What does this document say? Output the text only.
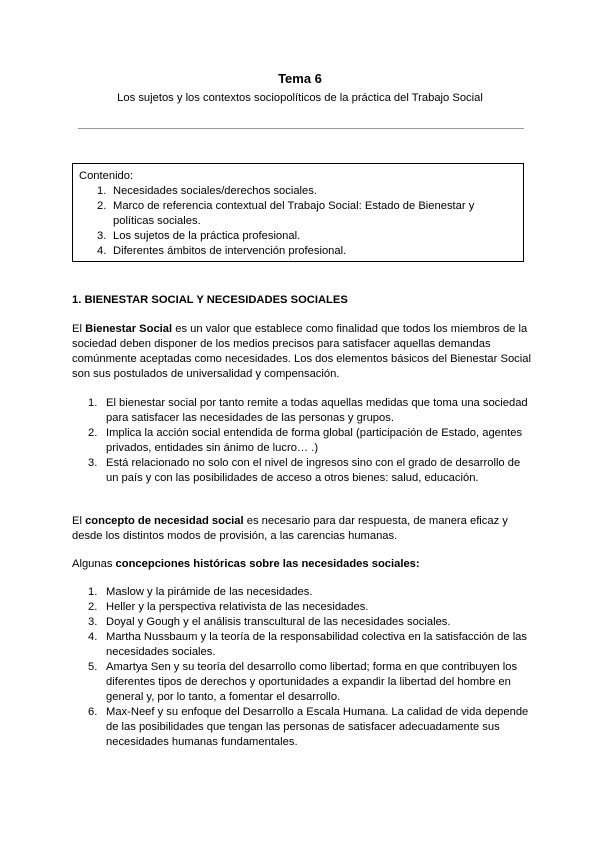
Tema 6
Los sujetos y los contextos sociopolíticos de la práctica del Trabajo Social
Contenido:
1. Necesidades sociales/derechos sociales.
2. Marco de referencia contextual del Trabajo Social: Estado de Bienestar y políticas sociales.
3. Los sujetos de la práctica profesional.
4. Diferentes ámbitos de intervención profesional.
1. BIENESTAR SOCIAL Y NECESIDADES SOCIALES
El Bienestar Social es un valor que establece como finalidad que todos los miembros de la sociedad deben disponer de los medios precisos para satisfacer aquellas demandas comúnmente aceptadas como necesidades. Los dos elementos básicos del Bienestar Social son sus postulados de universalidad y compensación.
1. El bienestar social por tanto remite a todas aquellas medidas que toma una sociedad para satisfacer las necesidades de las personas y grupos.
2. Implica la acción social entendida de forma global (participación de Estado, agentes privados, entidades sin ánimo de lucro… .)
3. Está relacionado no solo con el nivel de ingresos sino con el grado de desarrollo de un país y con las posibilidades de acceso a otros bienes: salud, educación.
El concepto de necesidad social es necesario para dar respuesta, de manera eficaz y desde los distintos modos de provisión, a las carencias humanas.
Algunas concepciones históricas sobre las necesidades sociales:
1. Maslow y la pirámide de las necesidades.
2. Heller y la perspectiva relativista de las necesidades.
3. Doyal y Gough y el análisis transcultural de las necesidades sociales.
4. Martha Nussbaum y la teoría de la responsabilidad colectiva en la satisfacción de las necesidades sociales.
5. Amartya Sen y su teoría del desarrollo como libertad; forma en que contribuyen los diferentes tipos de derechos y oportunidades a expandir la libertad del hombre en general y, por lo tanto, a fomentar el desarrollo.
6. Max-Neef y su enfoque del Desarrollo a Escala Humana. La calidad de vida depende de las posibilidades que tengan las personas de satisfacer adecuadamente sus necesidades humanas fundamentales.
